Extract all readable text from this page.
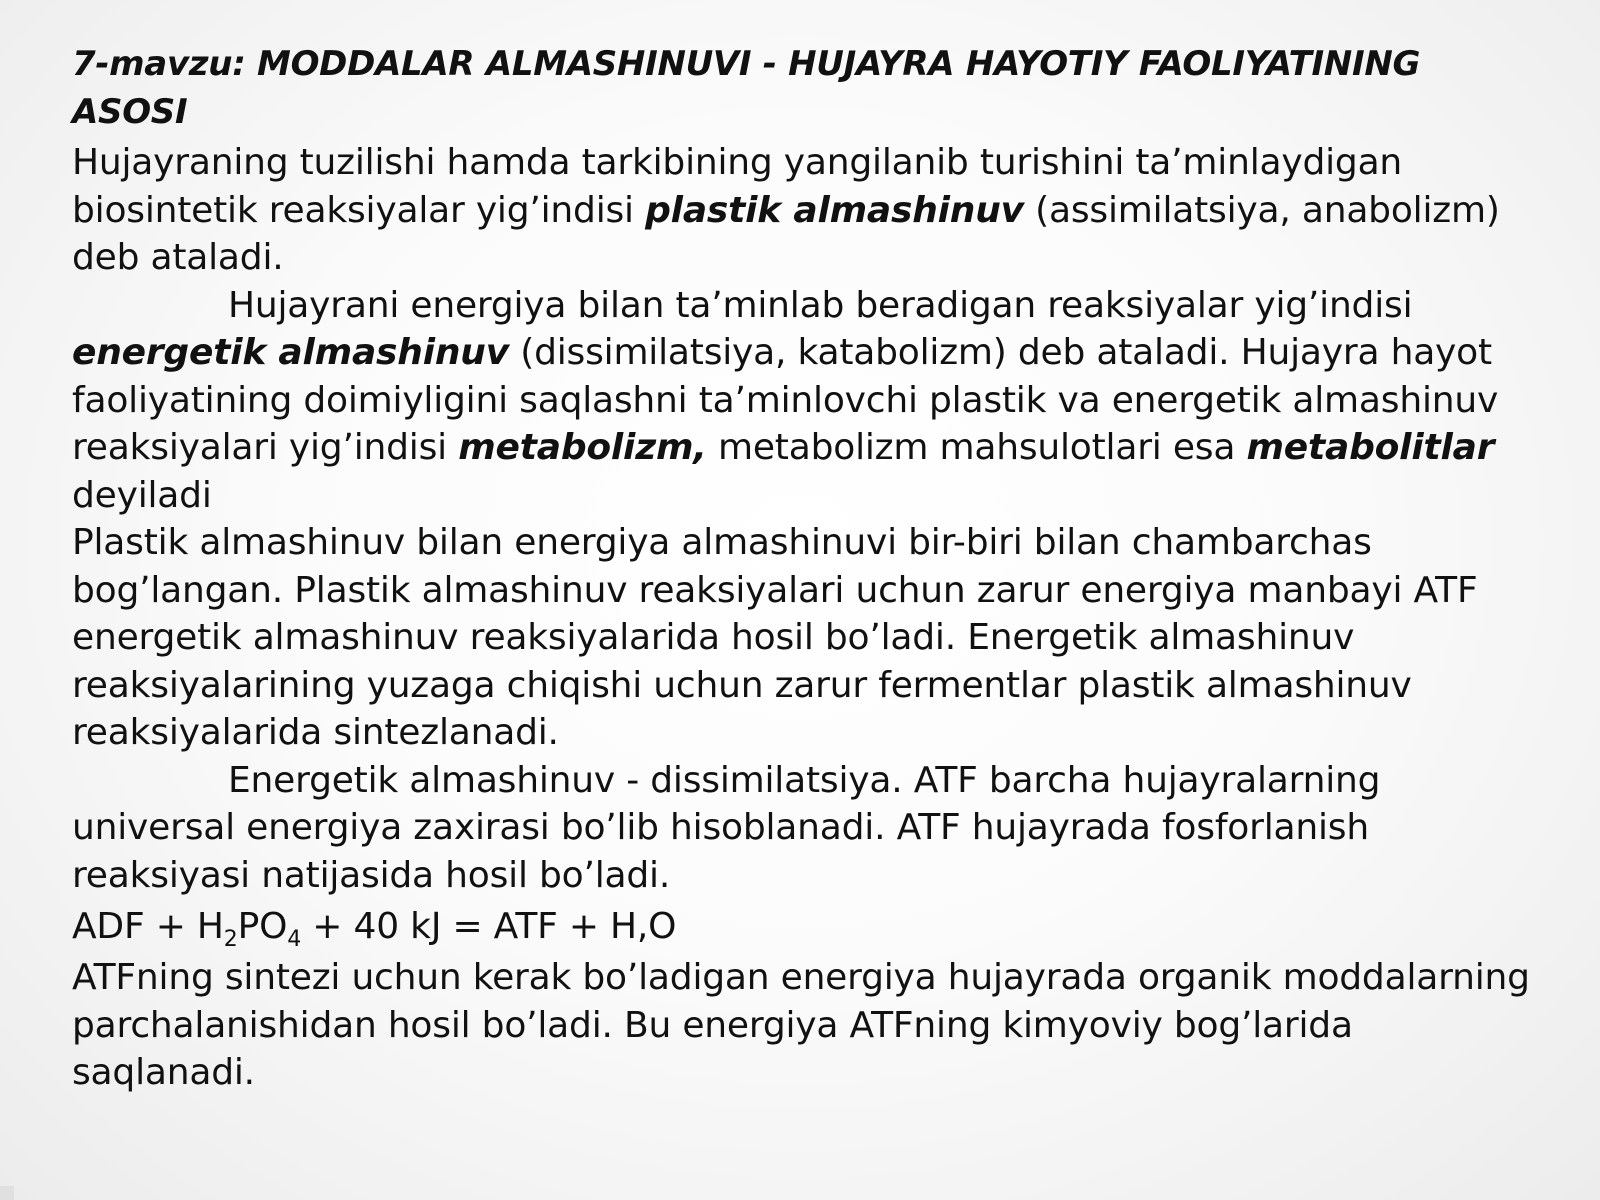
7-mavzu: MODDALAR ALMASHINUVI - HUJAYRA HAYOTIY FAOLIYATINING ASOSI

Hujayraning tuzilishi hamda tarkibining yangilanib turishini ta’minlaydigan biosintetik reaksiyalar yig’indisi plastik almashinuv (assimilatsiya, anabolizm) deb ataladi.

Hujayrani energiya bilan ta’minlab beradigan reaksiyalar yig’indisi energetik almashinuv (dissimilatsiya, katabolizm) deb ataladi. Hujayra hayot faoliyatining doimiyligini saqlashni ta’minlovchi plastik va energetik almashinuv reaksiyalari yig’indisi metabolizm, metabolizm mahsulotlari esa metabolitlar deyiladi

Plastik almashinuv bilan energiya almashinuvi bir-biri bilan chambarchas bog’langan. Plastik almashinuv reaksiyalari uchun zarur energiya manbayi ATF energetik almashinuv reaksiyalarida hosil bo’ladi. Energetik almashinuv reaksiyalarining yuzaga chiqishi uchun zarur fermentlar plastik almashinuv reaksiyalarida sintezlanadi.

Energetik almashinuv - dissimilatsiya. ATF barcha hujayralarning universal energiya zaxirasi bo’lib hisoblanadi. ATF hujayrada fosforlanish reaksiyasi natijasida hosil bo’ladi.

ADF + $H_2PO_4 + 40$ kJ = ATF + H,O

ATFning sintezi uchun kerak bo’ladigan energiya hujayrada organik moddalarning parchalanishidan hosil bo’ladi. Bu energiya ATFning kimyoviy bog’larida saqlanadi.
